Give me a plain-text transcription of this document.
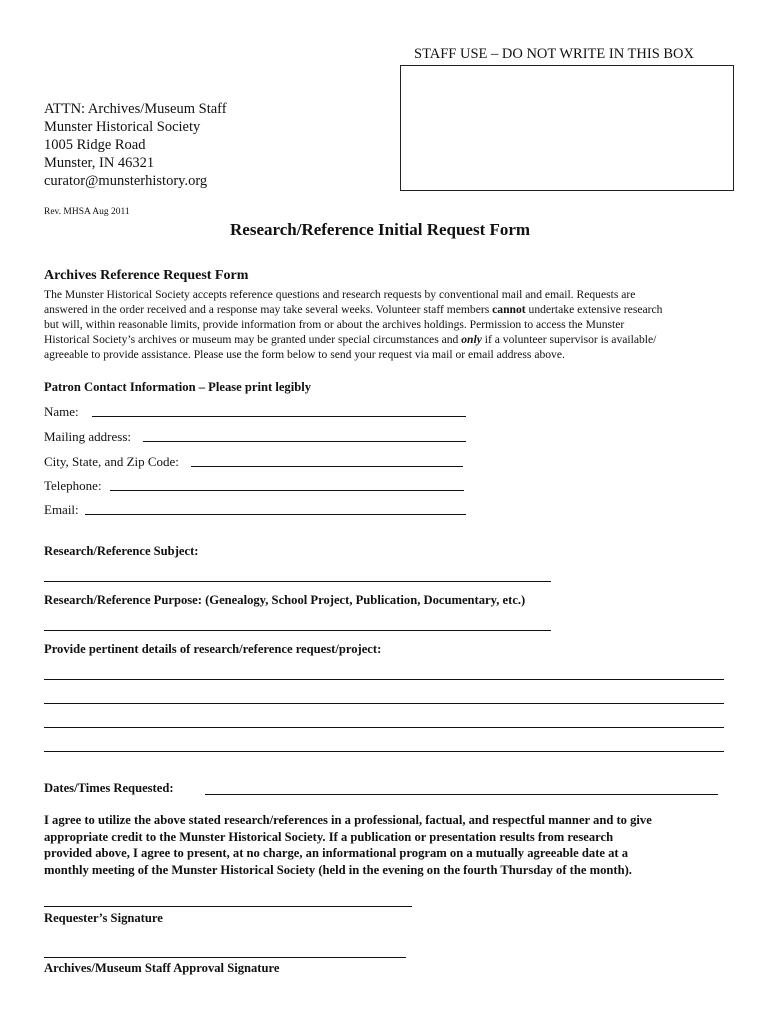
STAFF USE – DO NOT WRITE IN THIS BOX
ATTN: Archives/Museum Staff
Munster Historical Society
1005 Ridge Road
Munster, IN 46321
curator@munsterhistory.org
Rev. MHSA Aug 2011
Research/Reference Initial Request Form
Archives Reference Request Form
The Munster Historical Society accepts reference questions and research requests by conventional mail and email. Requests are
answered in the order received and a response may take several weeks. Volunteer staff members cannot undertake extensive research
but will, within reasonable limits, provide information from or about the archives holdings. Permission to access the Munster
Historical Society’s archives or museum may be granted under special circumstances and only if a volunteer supervisor is available/
agreeable to provide assistance. Please use the form below to send your request via mail or email address above.
Patron Contact Information – Please print legibly
Name:
Mailing address:
City, State, and Zip Code:
Telephone:
Email:
Research/Reference Subject:
Research/Reference Purpose: (Genealogy, School Project, Publication, Documentary, etc.)
Provide pertinent details of research/reference request/project:
Dates/Times Requested:
I agree to utilize the above stated research/references in a professional, factual, and respectful manner and to give
appropriate credit to the Munster Historical Society. If a publication or presentation results from research
provided above, I agree to present, at no charge, an informational program on a mutually agreeable date at a
monthly meeting of the Munster Historical Society (held in the evening on the fourth Thursday of the month).
Requester’s Signature
Archives/Museum Staff Approval Signature
